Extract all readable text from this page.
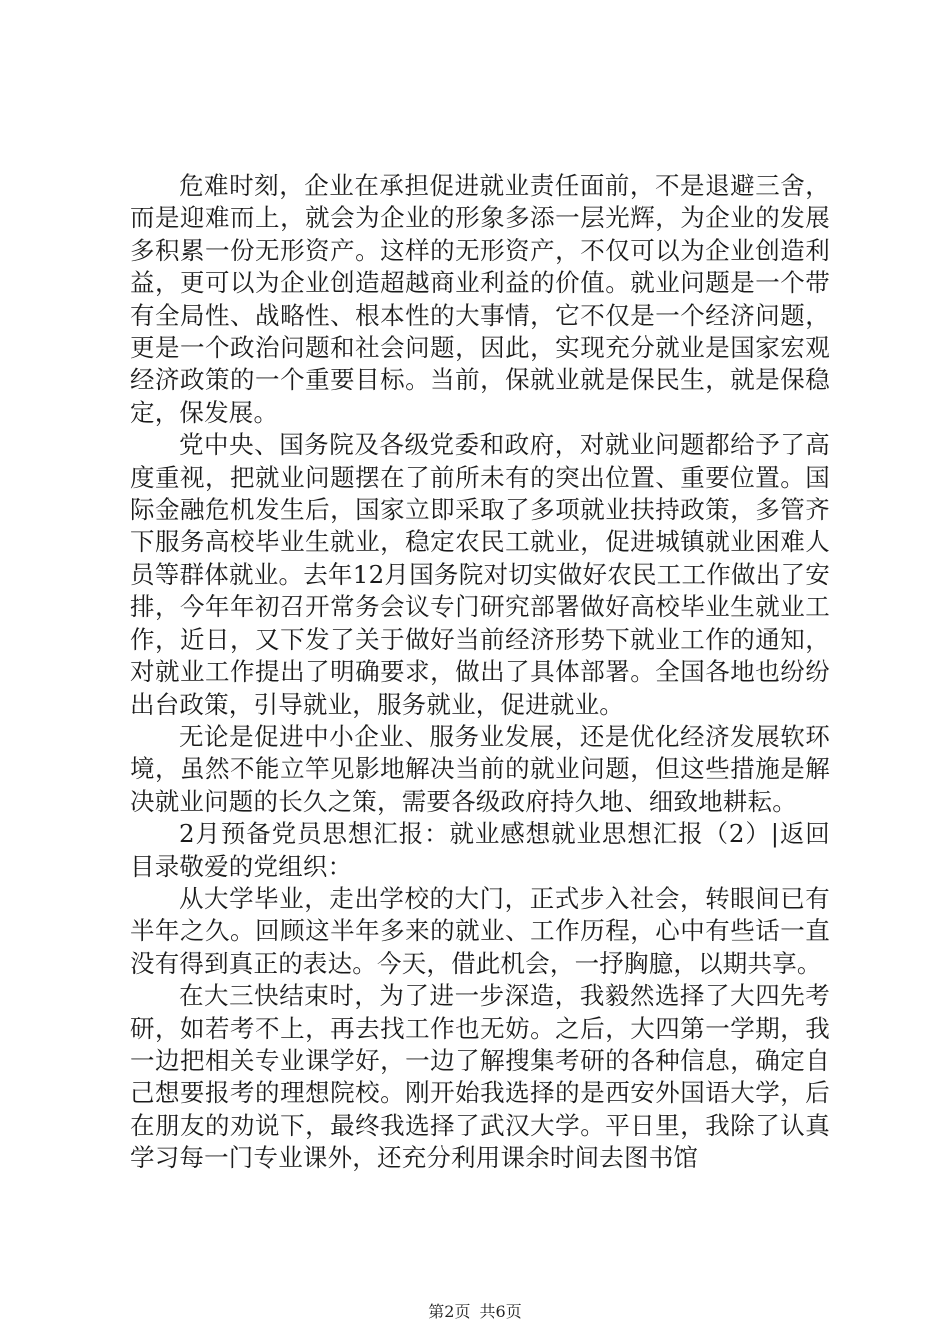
危难时刻，企业在承担促进就业责任面前，不是退避三舍，而是迎难而上，就会为企业的形象多添一层光辉，为企业的发展多积累一份无形资产。这样的无形资产，不仅可以为企业创造利益，更可以为企业创造超越商业利益的价值。就业问题是一个带有全局性、战略性、根本性的大事情，它不仅是一个经济问题，更是一个政治问题和社会问题，因此，实现充分就业是国家宏观经济政策的一个重要目标。当前，保就业就是保民生，就是保稳定，保发展。

党中央、国务院及各级党委和政府，对就业问题都给予了高度重视，把就业问题摆在了前所未有的突出位置、重要位置。国际金融危机发生后，国家立即采取了多项就业扶持政策，多管齐下服务高校毕业生就业，稳定农民工就业，促进城镇就业困难人员等群体就业。去年12月国务院对切实做好农民工工作做出了安排，今年年初召开常务会议专门研究部署做好高校毕业生就业工作，近日，又下发了关于做好当前经济形势下就业工作的通知，对就业工作提出了明确要求，做出了具体部署。全国各地也纷纷出台政策，引导就业，服务就业，促进就业。

无论是促进中小企业、服务业发展，还是优化经济发展软环境，虽然不能立竿见影地解决当前的就业问题，但这些措施是解决就业问题的长久之策，需要各级政府持久地、细致地耕耘。

2月预备党员思想汇报：就业感想就业思想汇报（2）|返回目录敬爱的党组织：

从大学毕业，走出学校的大门，正式步入社会，转眼间已有半年之久。回顾这半年多来的就业、工作历程，心中有些话一直没有得到真正的表达。今天，借此机会，一抒胸臆，以期共享。

在大三快结束时，为了进一步深造，我毅然选择了大四先考研，如若考不上，再去找工作也无妨。之后，大四第一学期，我一边把相关专业课学好，一边了解搜集考研的各种信息，确定自己想要报考的理想院校。刚开始我选择的是西安外国语大学，后在朋友的劝说下，最终我选择了武汉大学。平日里，我除了认真学习每一门专业课外，还充分利用课余时间去图书馆

第2页 共6页
